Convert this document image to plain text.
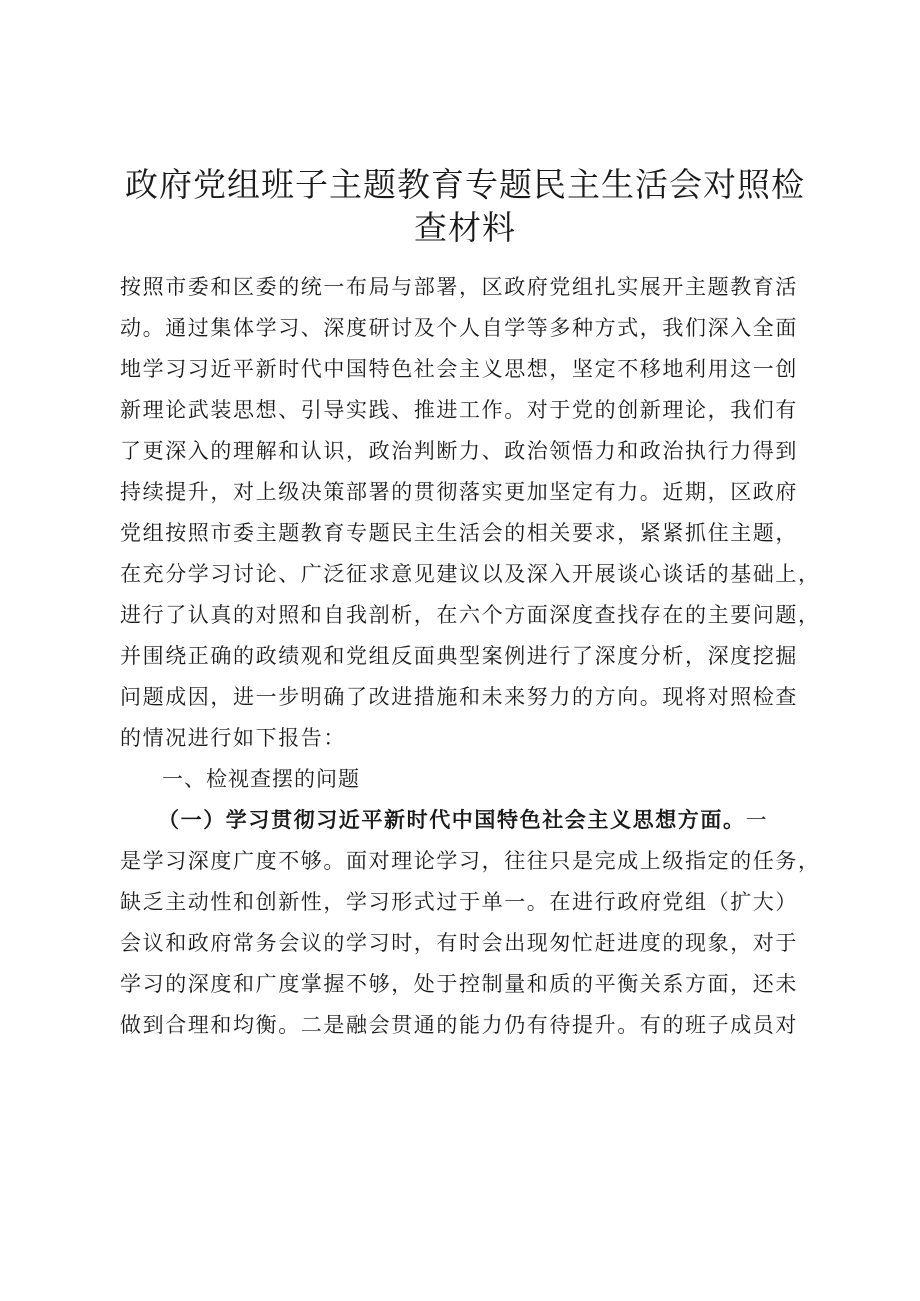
政府党组班子主题教育专题民主生活会对照检
查材料
按照市委和区委的统一布局与部署，区政府党组扎实展开主题教育活
动。通过集体学习、深度研讨及个人自学等多种方式，我们深入全面
地学习习近平新时代中国特色社会主义思想，坚定不移地利用这一创
新理论武装思想、引导实践、推进工作。对于党的创新理论，我们有
了更深入的理解和认识，政治判断力、政治领悟力和政治执行力得到
持续提升，对上级决策部署的贯彻落实更加坚定有力。近期，区政府
党组按照市委主题教育专题民主生活会的相关要求，紧紧抓住主题，
在充分学习讨论、广泛征求意见建议以及深入开展谈心谈话的基础上，
进行了认真的对照和自我剖析，在六个方面深度查找存在的主要问题，
并围绕正确的政绩观和党组反面典型案例进行了深度分析，深度挖掘
问题成因，进一步明确了改进措施和未来努力的方向。现将对照检查
的情况进行如下报告：
一、检视查摆的问题
（一）学习贯彻习近平新时代中国特色社会主义思想方面。一
是学习深度广度不够。面对理论学习，往往只是完成上级指定的任务，
缺乏主动性和创新性，学习形式过于单一。在进行政府党组（扩大）
会议和政府常务会议的学习时，有时会出现匆忙赶进度的现象，对于
学习的深度和广度掌握不够，处于控制量和质的平衡关系方面，还未
做到合理和均衡。二是融会贯通的能力仍有待提升。有的班子成员对
